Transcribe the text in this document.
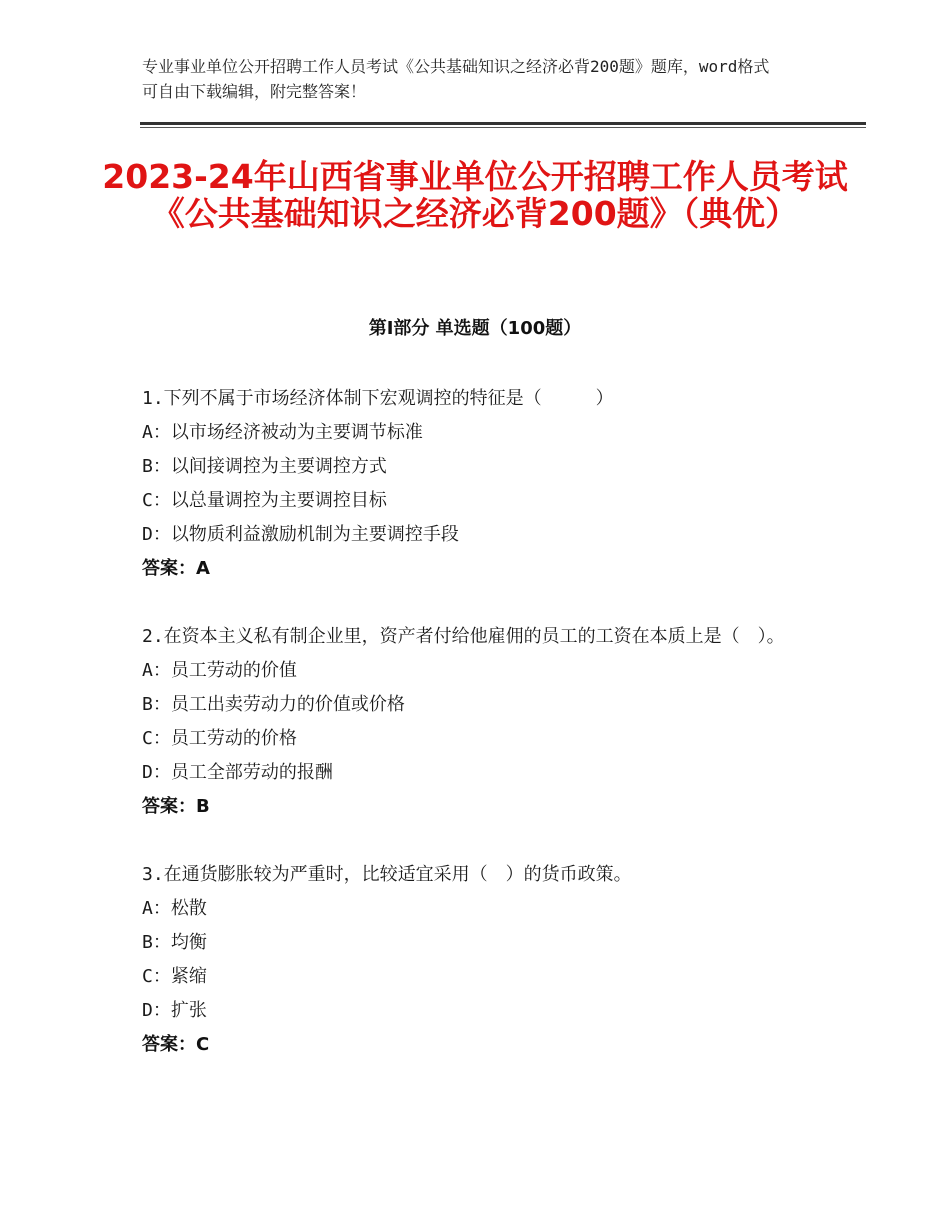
专业事业单位公开招聘工作人员考试《公共基础知识之经济必背200题》题库，word格式可自由下载编辑，附完整答案！
2023-24年山西省事业单位公开招聘工作人员考试《公共基础知识之经济必背200题》（典优）
第I部分 单选题（100题）
1.下列不属于市场经济体制下宏观调控的特征是（　　　）
A：以市场经济被动为主要调节标准
B：以间接调控为主要调控方式
C：以总量调控为主要调控目标
D：以物质利益激励机制为主要调控手段
答案：A
2.在资本主义私有制企业里，资产者付给他雇佣的员工的工资在本质上是（　）。
A：员工劳动的价值
B：员工出卖劳动力的价值或价格
C：员工劳动的价格
D：员工全部劳动的报酬
答案：B
3.在通货膨胀较为严重时，比较适宜采用（　）的货币政策。
A：松散
B：均衡
C：紧缩
D：扩张
答案：C
